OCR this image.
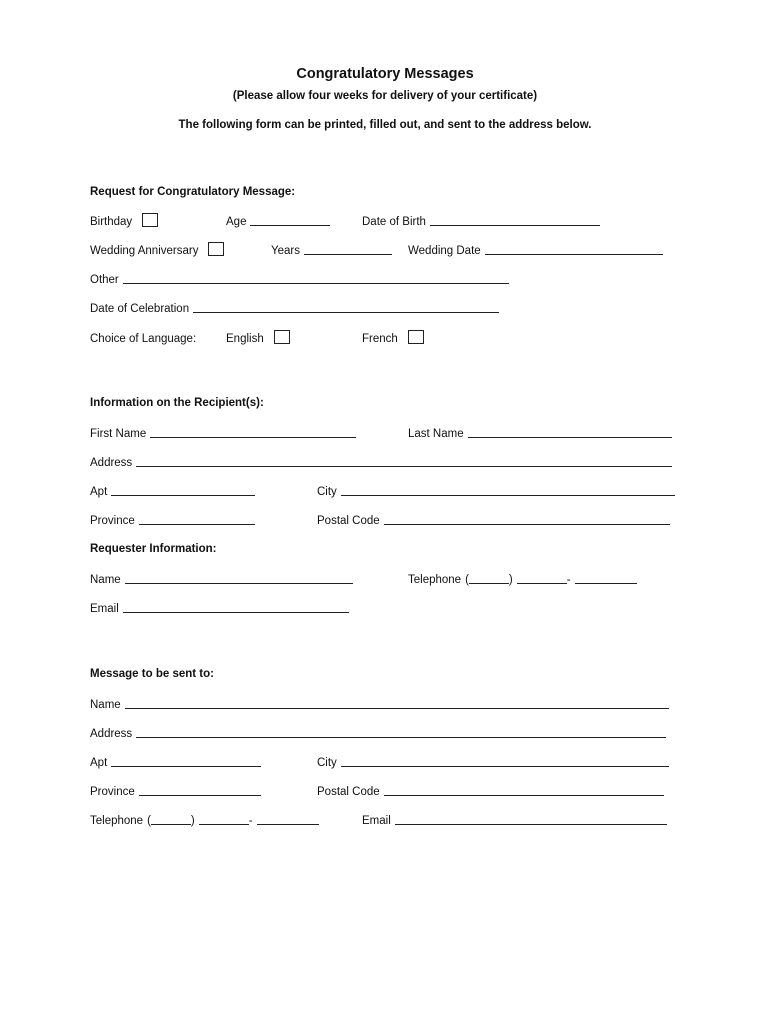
Congratulatory Messages
(Please allow four weeks for delivery of your certificate)
The following form can be printed, filled out, and sent to the address below.
Request for Congratulatory Message:
Birthday	Age	Date of Birth
Wedding Anniversary	Years	Wedding Date
Other
Date of Celebration
Choice of Language:	English	French
Information on the Recipient(s):
First Name	Last Name
Address
Apt	City
Province	Postal Code
Requester Information:
Name	Telephone (	)	-
Email
Message to be sent to:
Name
Address
Apt	City
Province	Postal Code
Telephone (	)	-	Email
